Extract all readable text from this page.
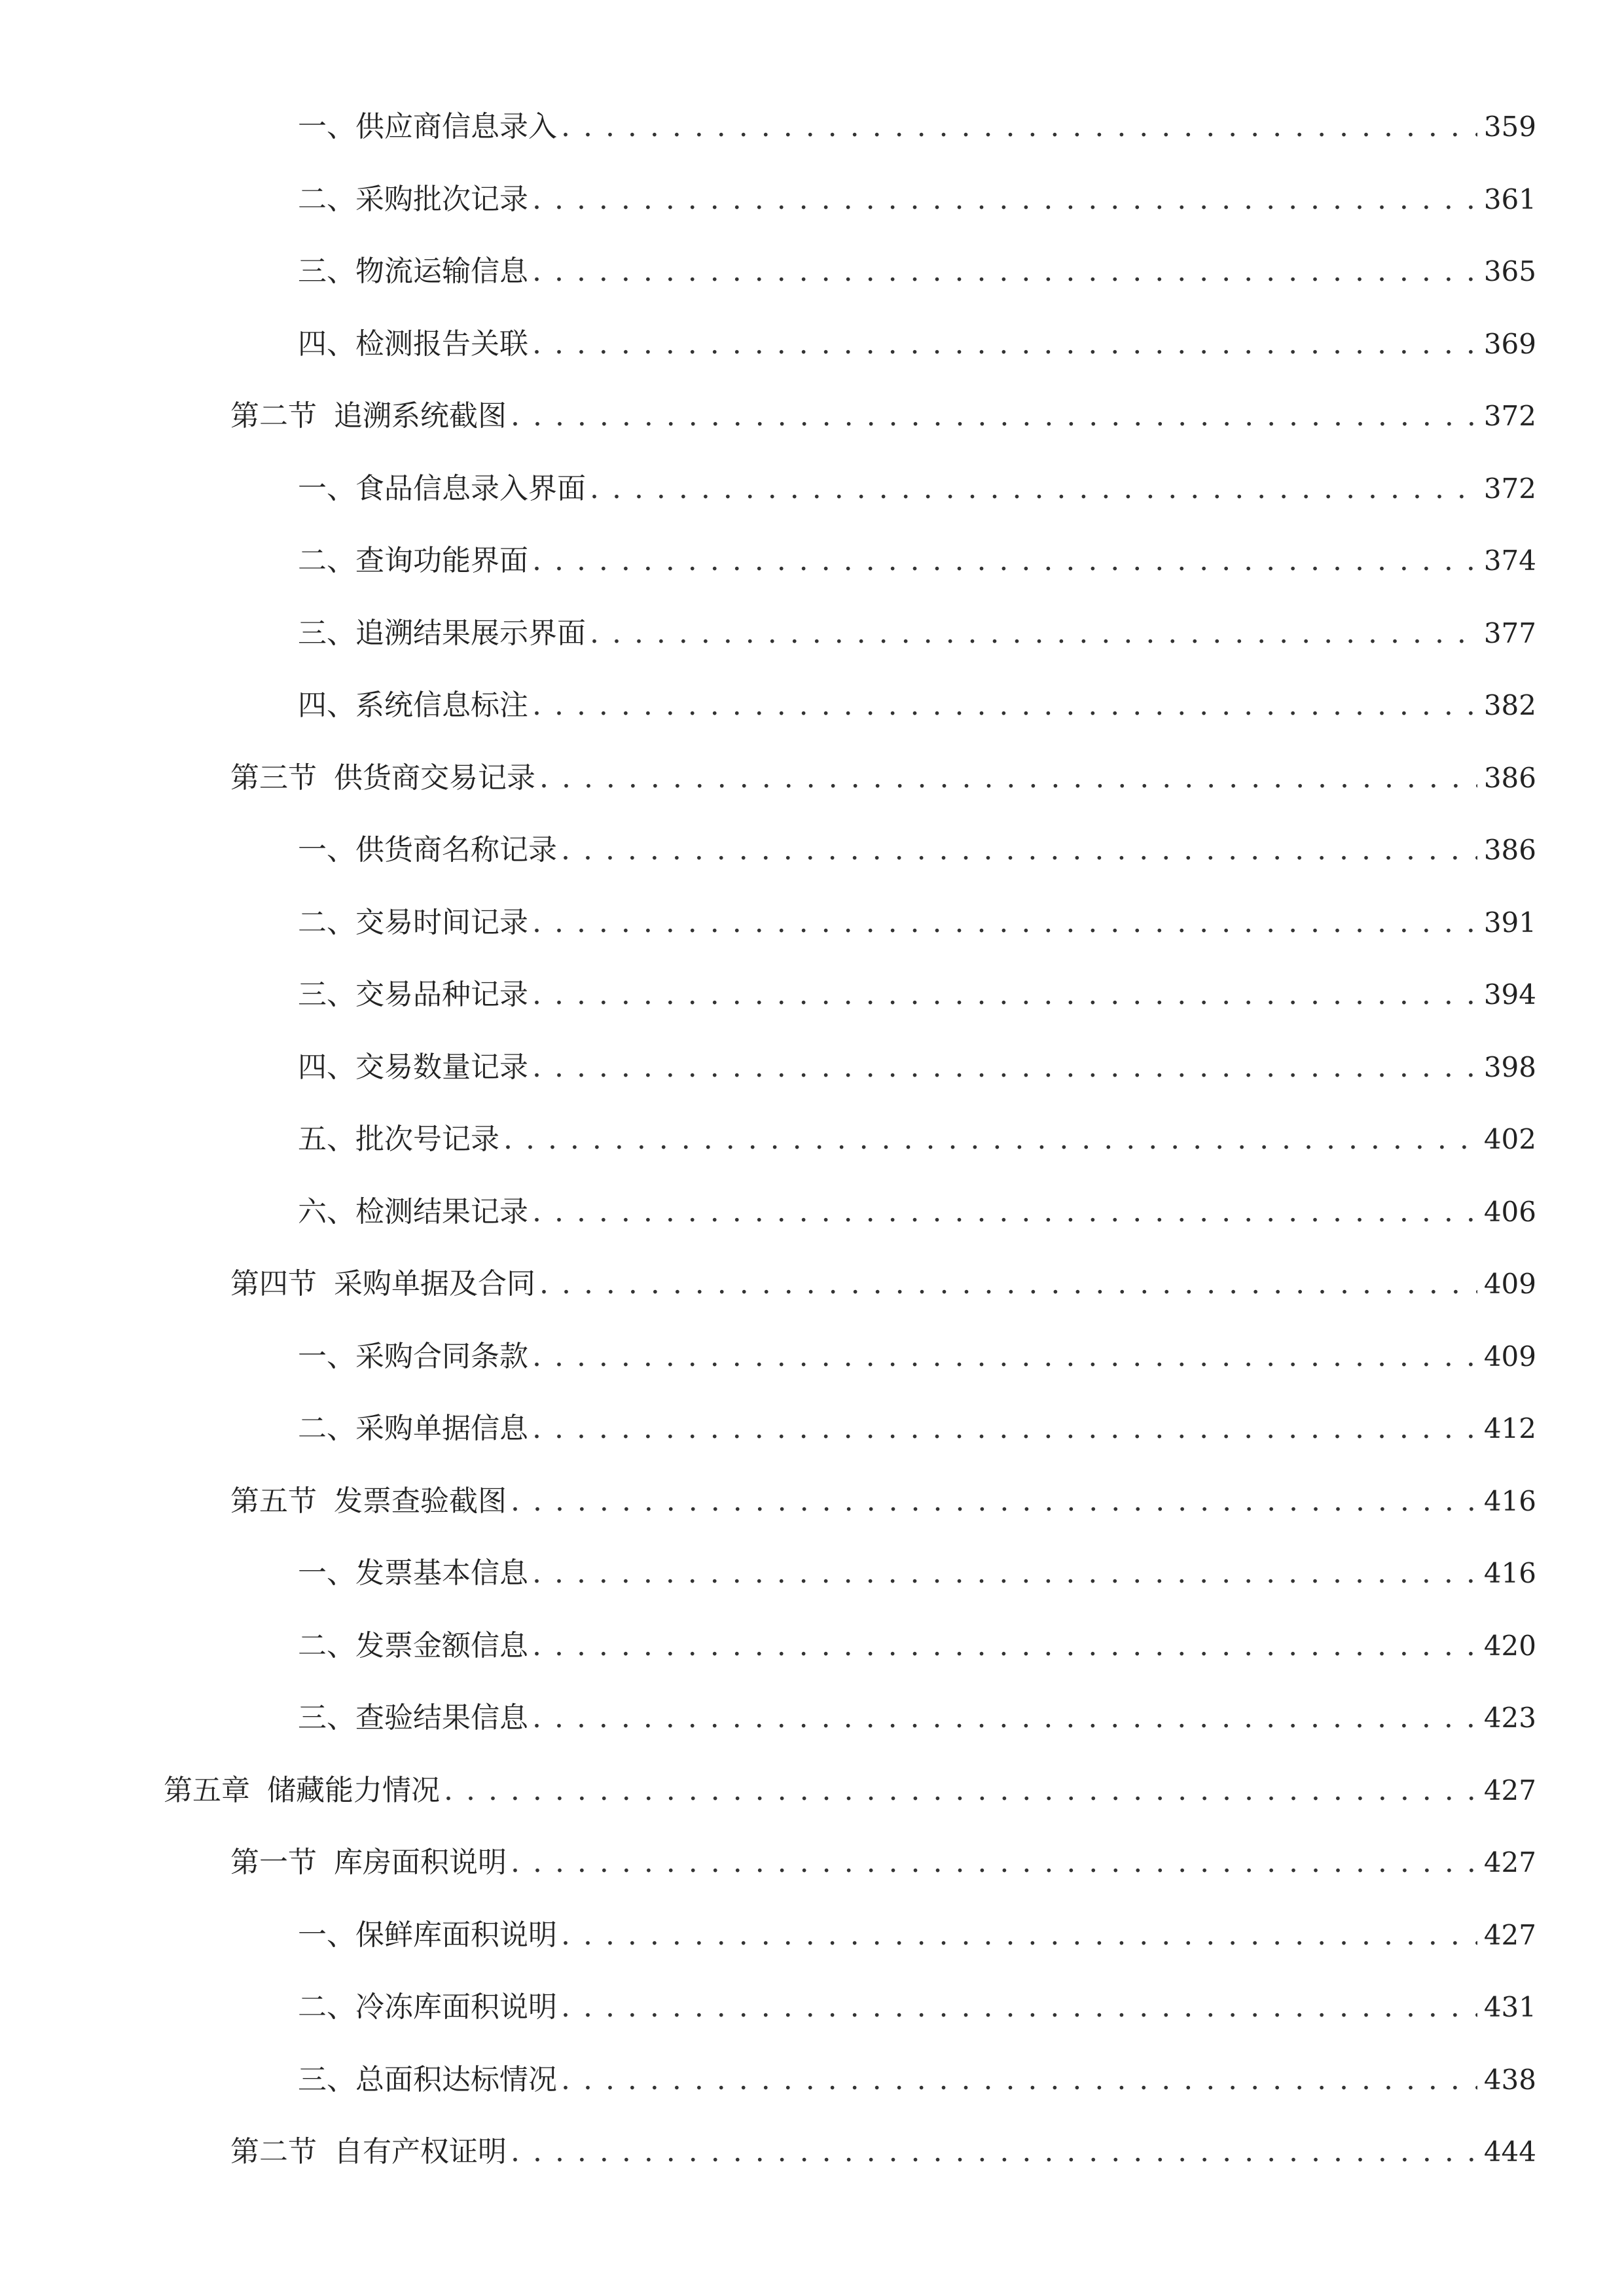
一、 供应商信息录入 . . .	359
二、 采购批次记录 . . .	361
三、 物流运输信息 . . .	365
四、 检测报告关联 . . .	369
第二节 追溯系统截图 . . .	372
一、 食品信息录入界面 . . .	372
二、 查询功能界面 . . .	374
三、 追溯结果展示界面 . . .	377
四、 系统信息标注 . . .	382
第三节 供货商交易记录 . . .	386
一、 供货商名称记录 . . .	386
二、 交易时间记录 . . .	391
三、 交易品种记录 . . .	394
四、 交易数量记录 . . .	398
五、 批次号记录 . . .	402
六、 检测结果记录 . . .	406
第四节 采购单据及合同 . . .	409
一、 采购合同条款 . . .	409
二、 采购单据信息 . . .	412
第五节 发票查验截图 . . .	416
一、 发票基本信息 . . .	416
二、 发票金额信息 . . .	420
三、 查验结果信息 . . .	423
第五章 储藏能力情况 . . .	427
第一节 库房面积说明 . . .	427
一、 保鲜库面积说明 . . .	427
二、 冷冻库面积说明 . . .	431
三、 总面积达标情况 . . .	438
第二节 自有产权证明 . . .	444
